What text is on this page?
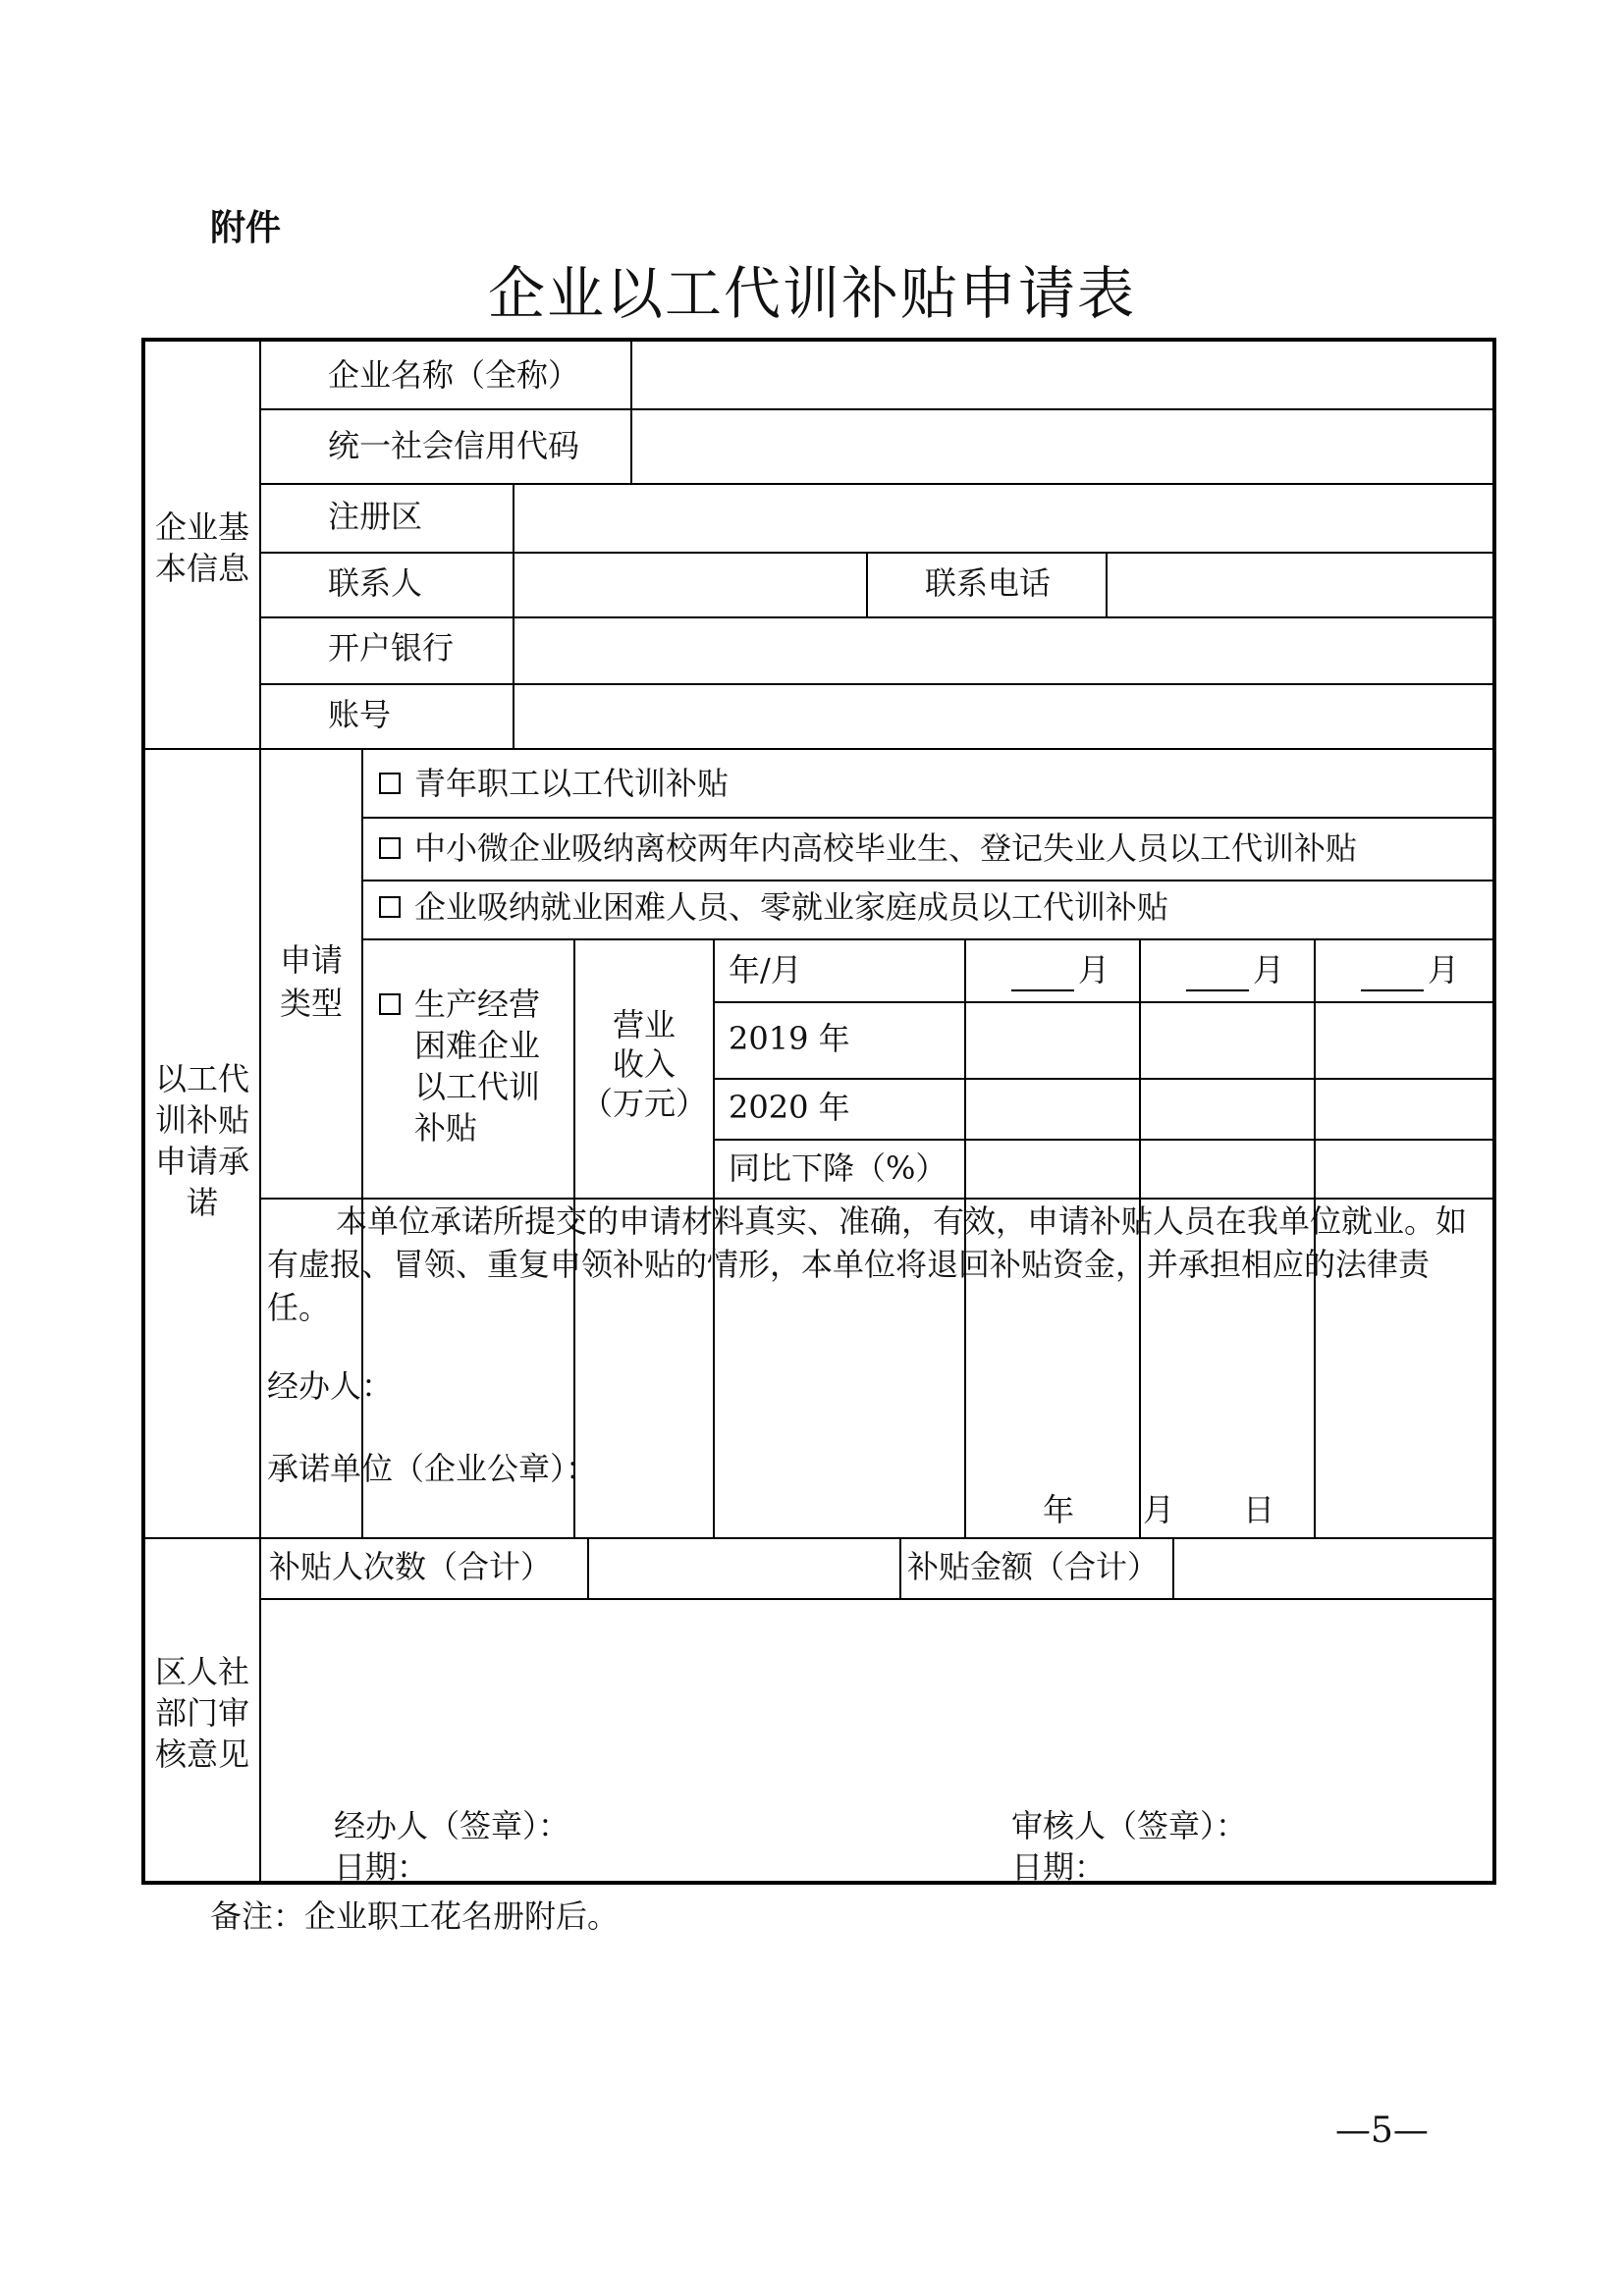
附件
企业以工代训补贴申请表
企业基
本信息
企业名称（全称）
统一社会信用代码
注册区
联系人	联系电话
开户银行
账号
以工代
训补贴
申请承
诺
申请
类型
青年职工以工代训补贴
中小微企业吸纳离校两年内高校毕业生、登记失业人员以工代训补贴
企业吸纳就业困难人员、零就业家庭成员以工代训补贴
生产经营
困难企业
以工代训
补贴
营业
收入
（万元）
年/月	月	月	月
2019 年
2020 年
同比下降（%）
本单位承诺所提交的申请材料真实、准确，有效，申请补贴人员在我单位就业。如有虚报、冒领、重复申领补贴的情形，本单位将退回补贴资金，并承担相应的法律责任。
经办人：
承诺单位（企业公章）：
年 月 日
区人社
部门审
核意见
补贴人次数（合计）	补贴金额（合计）
经办人（签章）：
日期：
审核人（签章）：
日期：
备注：企业职工花名册附后。
—5—
